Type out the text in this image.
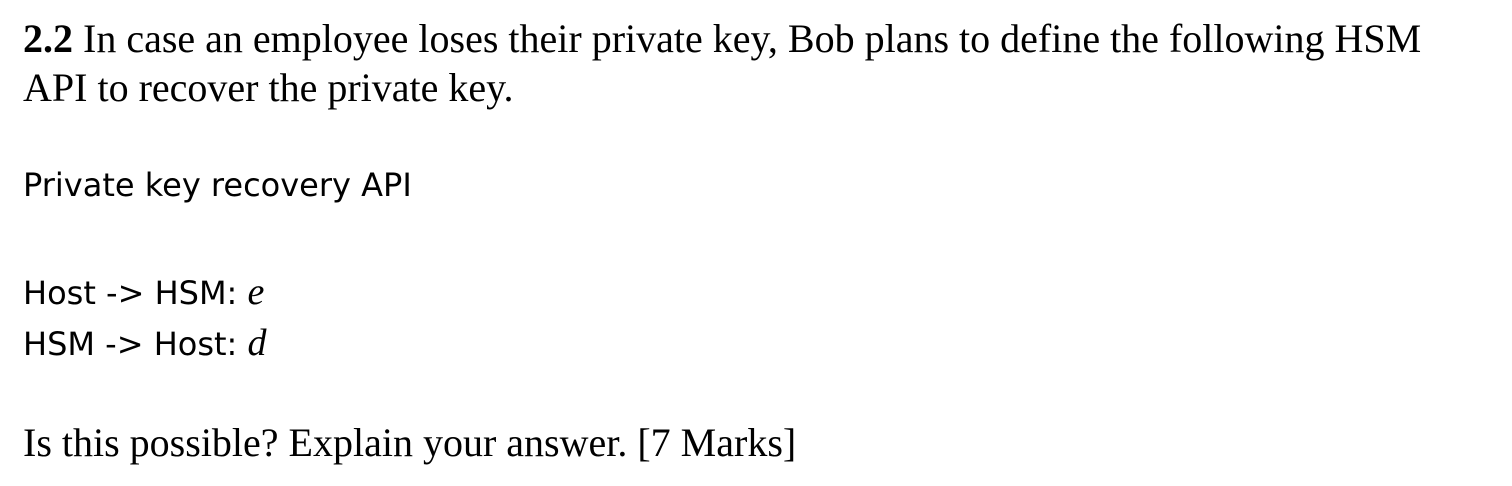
2.2 In case an employee loses their private key, Bob plans to define the following HSM
API to recover the private key.
Private key recovery API
Host -> HSM: e
HSM -> Host: d
Is this possible? Explain your answer. [7 Marks]
